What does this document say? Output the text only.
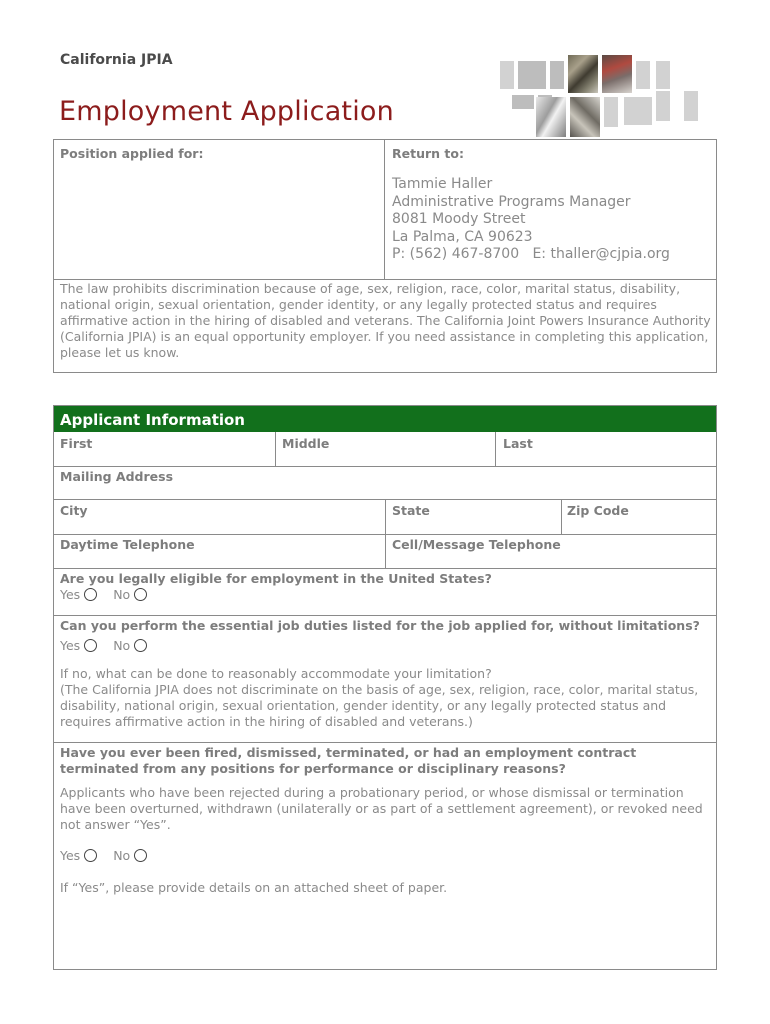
California JPIA
Employment Application
Position applied for:	Return to:
Tammie Haller
Administrative Programs Manager
8081 Moody Street
La Palma, CA 90623
P: (562) 467-8700   E: thaller@cjpia.org
The law prohibits discrimination because of age, sex, religion, race, color, marital status, disability, national origin, sexual orientation, gender identity, or any legally protected status and requires affirmative action in the hiring of disabled and veterans. The California Joint Powers Insurance Authority (California JPIA) is an equal opportunity employer. If you need assistance in completing this application, please let us know.
Applicant Information
First	Middle	Last
Mailing Address
City	State	Zip Code
Daytime Telephone	Cell/Message Telephone
Are you legally eligible for employment in the United States?
Yes	No
Can you perform the essential job duties listed for the job applied for, without limitations?
Yes	No
If no, what can be done to reasonably accommodate your limitation?
(The California JPIA does not discriminate on the basis of age, sex, religion, race, color, marital status, disability, national origin, sexual orientation, gender identity, or any legally protected status and requires affirmative action in the hiring of disabled and veterans.)
Have you ever been fired, dismissed, terminated, or had an employment contract terminated from any positions for performance or disciplinary reasons?
Applicants who have been rejected during a probationary period, or whose dismissal or termination have been overturned, withdrawn (unilaterally or as part of a settlement agreement), or revoked need not answer “Yes”.
Yes	No
If “Yes”, please provide details on an attached sheet of paper.
